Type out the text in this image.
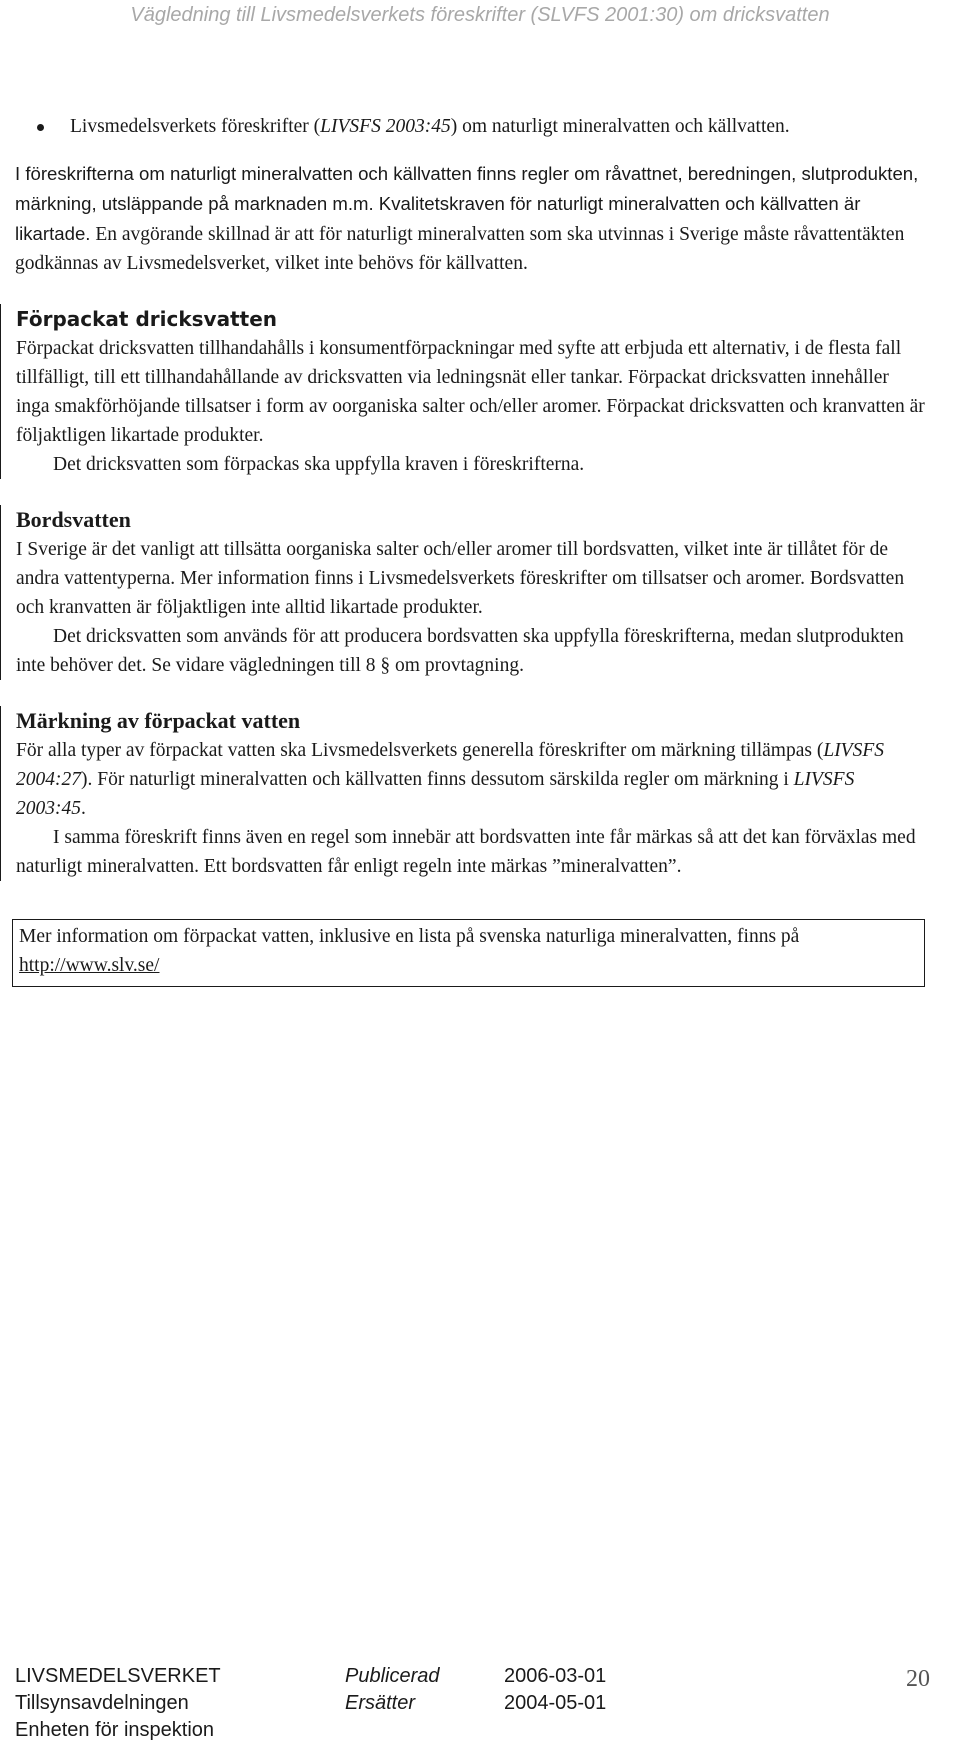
Vägledning till Livsmedelsverkets föreskrifter (SLVFS 2001:30) om dricksvatten

Livsmedelsverkets föreskrifter (LIVSFS 2003:45) om naturligt mineralvatten och källvatten.

I föreskrifterna om naturligt mineralvatten och källvatten finns regler om råvattnet, beredningen, slutprodukten, märkning, utsläppande på marknaden m.m. Kvalitetskraven för naturligt mineralvatten och källvatten är likartade. En avgörande skillnad är att för naturligt mineralvatten som ska utvinnas i Sverige måste råvattentäkten godkännas av Livsmedelsverket, vilket inte behövs för källvatten.

Förpackat dricksvatten

Förpackat dricksvatten tillhandahålls i konsumentförpackningar med syfte att erbjuda ett alternativ, i de flesta fall tillfälligt, till ett tillhandahållande av dricksvatten via ledningsnät eller tankar. Förpackat dricksvatten innehåller inga smakförhöjande tillsatser i form av oorganiska salter och/eller aromer. Förpackat dricksvatten och kranvatten är följaktligen likartade produkter.

Det dricksvatten som förpackas ska uppfylla kraven i föreskrifterna.

Bordsvatten

I Sverige är det vanligt att tillsätta oorganiska salter och/eller aromer till bordsvatten, vilket inte är tillåtet för de andra vattentyperna. Mer information finns i Livsmedelsverkets föreskrifter om tillsatser och aromer. Bordsvatten och kranvatten är följaktligen inte alltid likartade produkter.

Det dricksvatten som används för att producera bordsvatten ska uppfylla föreskrifterna, medan slutprodukten inte behöver det. Se vidare vägledningen till 8 § om provtagning.

Märkning av förpackat vatten

För alla typer av förpackat vatten ska Livsmedelsverkets generella föreskrifter om märkning tillämpas (LIVSFS 2004:27). För naturligt mineralvatten och källvatten finns dessutom särskilda regler om märkning i LIVSFS 2003:45.

I samma föreskrift finns även en regel som innebär att bordsvatten inte får märkas så att det kan förväxlas med naturligt mineralvatten. Ett bordsvatten får enligt regeln inte märkas ”mineralvatten”.

Mer information om förpackat vatten, inklusive en lista på svenska naturliga mineralvatten, finns på http://www.slv.se/
LIVSMEDELSVERKET
Tillsynsavdelningen
Enheten för inspektion
Publicerad
Ersätter
2006-03-01
2004-05-01
20
